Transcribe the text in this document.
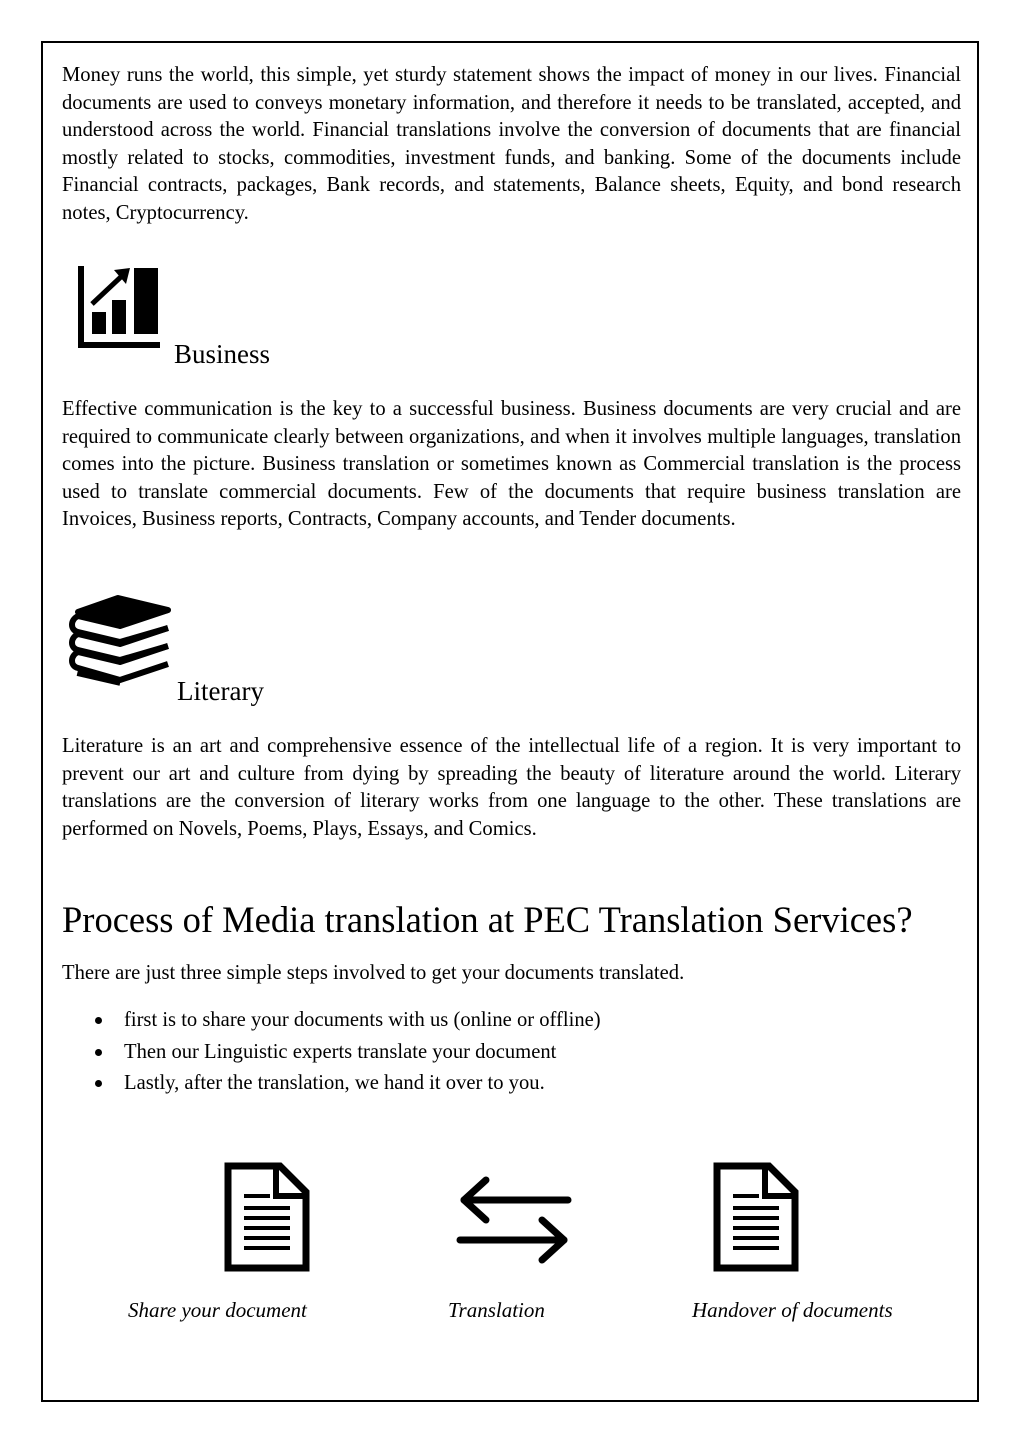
Money runs the world, this simple, yet sturdy statement shows the impact of money in our lives. Financial documents are used to conveys monetary information, and therefore it needs to be translated, accepted, and understood across the world. Financial translations involve the conversion of documents that are financial mostly related to stocks, commodities, investment funds, and banking. Some of the documents include Financial contracts, packages, Bank records, and statements, Balance sheets, Equity, and bond research notes, Cryptocurrency.

Business

Effective communication is the key to a successful business. Business documents are very crucial and are required to communicate clearly between organizations, and when it involves multiple languages, translation comes into the picture. Business translation or sometimes known as Commercial translation is the process used to translate commercial documents. Few of the documents that require business translation are Invoices, Business reports, Contracts, Company accounts, and Tender documents.

Literary

Literature is an art and comprehensive essence of the intellectual life of a region. It is very important to prevent our art and culture from dying by spreading the beauty of literature around the world. Literary translations are the conversion of literary works from one language to the other. These translations are performed on Novels, Poems, Plays, Essays, and Comics.

Process of Media translation at PEC Translation Services?

There are just three simple steps involved to get your documents translated.

first is to share your documents with us (online or offline)
Then our Linguistic experts translate your document
Lastly, after the translation, we hand it over to you.

Share your document	Translation	Handover of documents
